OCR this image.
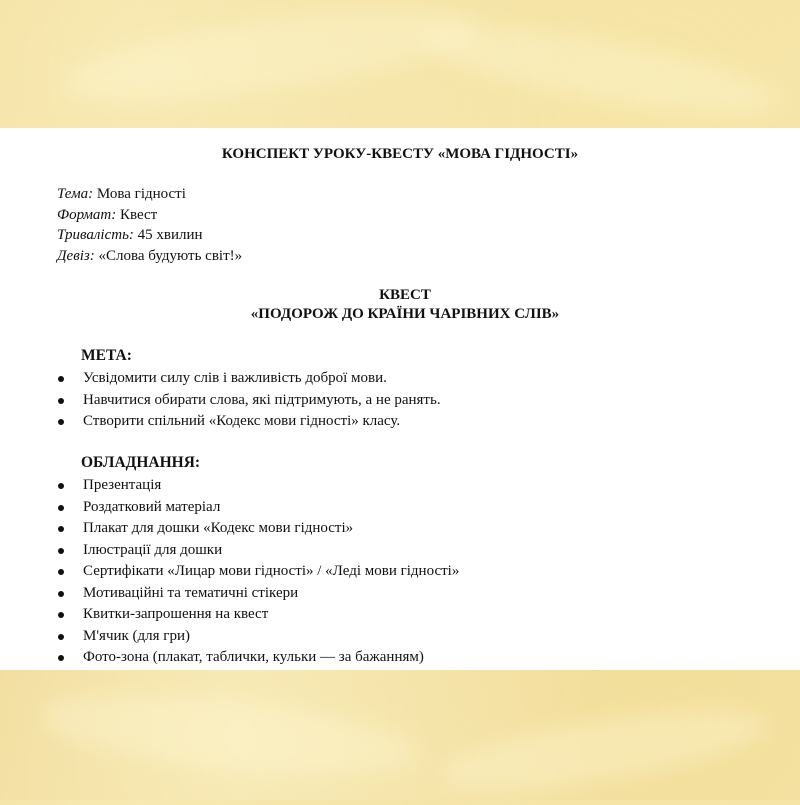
КОНСПЕКТ УРОКУ-КВЕСТУ «МОВА ГІДНОСТІ»
Тема: Мова гідності
Формат: Квест
Тривалість: 45 хвилин
Девіз: «Слова будують світ!»
КВЕСТ
«ПОДОРОЖ ДО КРАЇНИ ЧАРІВНИХ СЛІВ»
МЕТА:
Усвідомити силу слів і важливість доброї мови.
Навчитися обирати слова, які підтримують, а не ранять.
Створити спільний «Кодекс мови гідності» класу.
ОБЛАДНАННЯ:
Презентація
Роздатковий матеріал
Плакат для дошки «Кодекс мови гідності»
Ілюстрації для дошки
Сертифікати «Лицар мови гідності» / «Леді мови гідності»
Мотиваційні та тематичні стікери
Квитки-запрошення на квест
М'ячик (для гри)
Фото-зона (плакат, таблички, кульки — за бажанням)
